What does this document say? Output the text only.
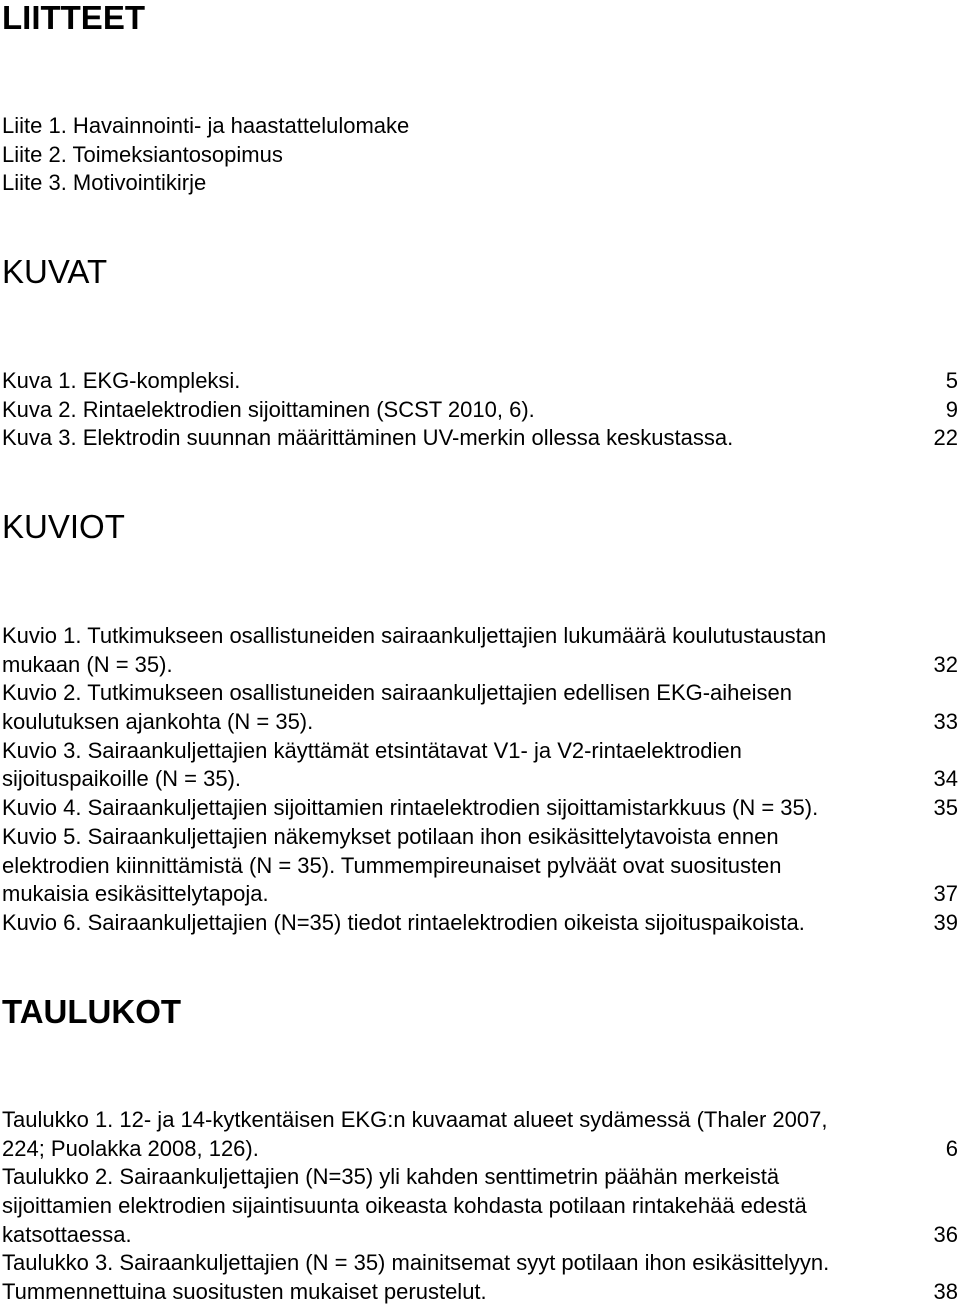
LIITTEET
Liite 1. Havainnointi- ja haastattelulomake
Liite 2. Toimeksiantosopimus
Liite 3. Motivointikirje
KUVAT
Kuva 1. EKG-kompleksi.	5
Kuva 2. Rintaelektrodien sijoittaminen (SCST 2010, 6).	9
Kuva 3. Elektrodin suunnan määrittäminen UV-merkin ollessa keskustassa.	22
KUVIOT
Kuvio 1. Tutkimukseen osallistuneiden sairaankuljettajien lukumäärä koulutustaustan
mukaan (N = 35).	32
Kuvio 2. Tutkimukseen osallistuneiden sairaankuljettajien edellisen EKG-aiheisen
koulutuksen ajankohta (N = 35).	33
Kuvio 3. Sairaankuljettajien käyttämät etsintätavat V1- ja V2-rintaelektrodien
sijoituspaikoille (N = 35).	34
Kuvio 4. Sairaankuljettajien sijoittamien rintaelektrodien sijoittamistarkkuus (N = 35).	35
Kuvio 5. Sairaankuljettajien näkemykset potilaan ihon esikäsittelytavoista ennen
elektrodien kiinnittämistä (N = 35). Tummempireunaiset pylväät ovat suositusten
mukaisia esikäsittelytapoja.	37
Kuvio 6. Sairaankuljettajien (N=35) tiedot rintaelektrodien oikeista sijoituspaikoista.	39
TAULUKOT
Taulukko 1. 12- ja 14-kytkentäisen EKG:n kuvaamat alueet sydämessä (Thaler 2007,
224; Puolakka 2008, 126).	6
Taulukko 2. Sairaankuljettajien (N=35) yli kahden senttimetrin päähän merkeistä
sijoittamien elektrodien sijaintisuunta oikeasta kohdasta potilaan rintakehää edestä
katsottaessa.	36
Taulukko 3. Sairaankuljettajien (N = 35) mainitsemat syyt potilaan ihon esikäsittelyyn.
Tummennettuina suositusten mukaiset perustelut.	38
